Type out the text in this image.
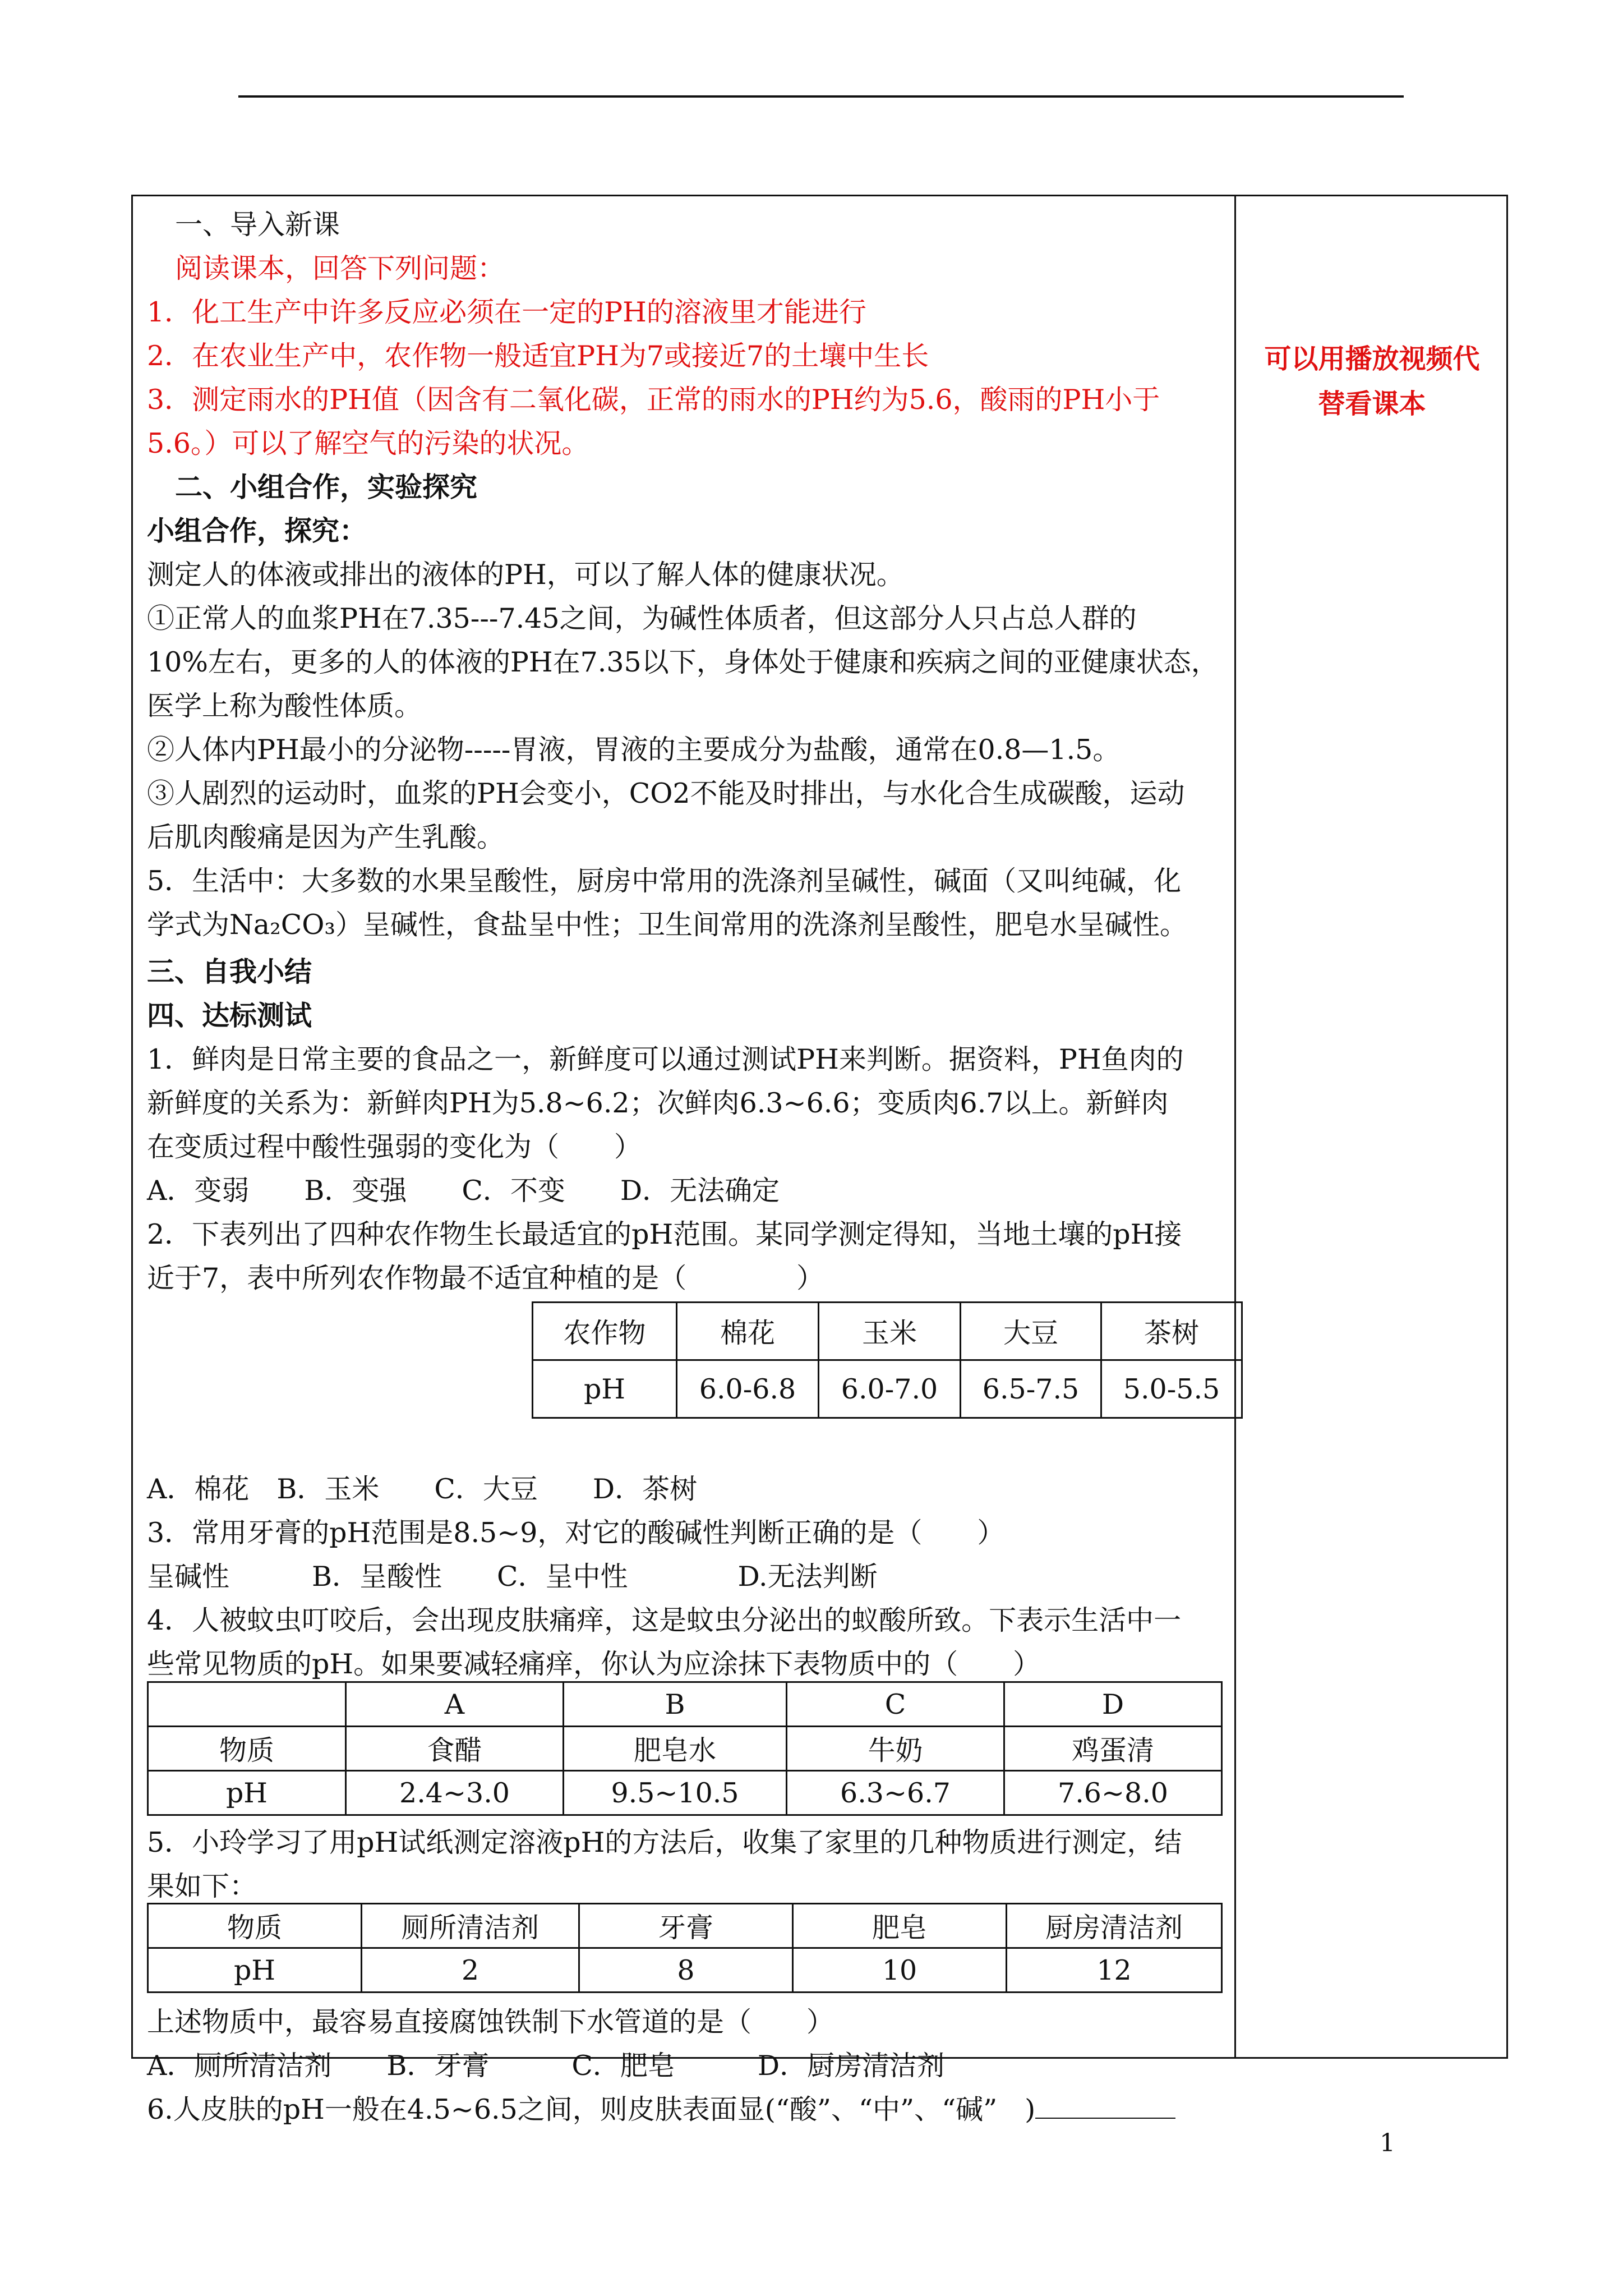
一、导入新课

阅读课本，回答下列问题：

1．化工生产中许多反应必须在一定的PH的溶液里才能进行

2．在农业生产中，农作物一般适宜PH为7或接近7的土壤中生长

3．测定雨水的PH值（因含有二氧化碳，正常的雨水的PH约为5.6，酸雨的PH小于

5.6。）可以了解空气的污染的状况。

二、小组合作，实验探究

小组合作，探究：

测定人的体液或排出的液体的PH，可以了解人体的健康状况。

①正常人的血浆PH在7.35---7.45之间，为碱性体质者，但这部分人只占总人群的

10%左右，更多的人的体液的PH在7.35以下，身体处于健康和疾病之间的亚健康状态，

医学上称为酸性体质。

②人体内PH最小的分泌物-----胃液，胃液的主要成分为盐酸，通常在0.8—1.5。

③人剧烈的运动时，血浆的PH会变小，CO2不能及时排出，与水化合生成碳酸，运动

后肌肉酸痛是因为产生乳酸。

5．生活中：大多数的水果呈酸性，厨房中常用的洗涤剂呈碱性，碱面（又叫纯碱，化

学式为Na₂CO₃）呈碱性，食盐呈中性；卫生间常用的洗涤剂呈酸性，肥皂水呈碱性。

三、自我小结

四、达标测试

1．鲜肉是日常主要的食品之一，新鲜度可以通过测试PH来判断。据资料，PH鱼肉的

新鲜度的关系为：新鲜肉PH为5.8~6.2；次鲜肉6.3~6.6；变质肉6.7以上。新鲜肉

在变质过程中酸性强弱的变化为（　　）

A．变弱　　B．变强　　C．不变　　D．无法确定

2．下表列出了四种农作物生长最适宜的pH范围。某同学测定得知，当地土壤的pH接

近于7，表中所列农作物最不适宜种植的是（　　　　）

A．棉花　B．玉米　　C．大豆　　D．茶树

3．常用牙膏的pH范围是8.5~9，对它的酸碱性判断正确的是（　　）

呈碱性　　　B．呈酸性　　C．呈中性　　　　D.无法判断

4．人被蚊虫叮咬后，会出现皮肤痛痒，这是蚊虫分泌出的蚁酸所致。下表示生活中一

些常见物质的pH。如果要减轻痛痒，你认为应涂抹下表物质中的（　　）

5．小玲学习了用pH试纸测定溶液pH的方法后，收集了家里的几种物质进行测定，结

果如下：

上述物质中，最容易直接腐蚀铁制下水管道的是（　　）

A．厕所清洁剂　　B．牙膏　　　C．肥皂　　　D．厨房清洁剂

6.人皮肤的pH一般在4.5~6.5之间，则皮肤表面显(“酸”、“中”、“碱”　)

农作物	棉花	玉米	大豆	茶树
pH	6.0-6.8	6.0-7.0	6.5-7.5	5.0-5.5
	A	B	C	D
物质	食醋	肥皂水	牛奶	鸡蛋清
pH	2.4~3.0	9.5~10.5	6.3~6.7	7.6~8.0
物质	厕所清洁剂	牙膏	肥皂	厨房清洁剂
pH	2	8	10	12

可以用播放视频代

替看课本

1
